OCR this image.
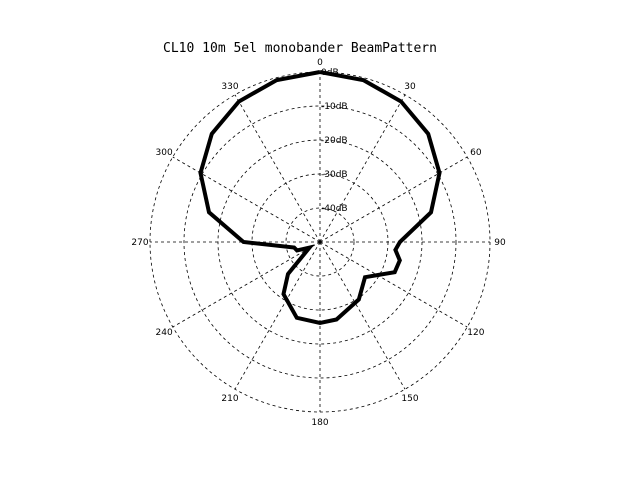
CL10 10m 5el monobander BeamPattern
0dB
-10dB
-20dB
-30dB
-40dB
0
30
60
90
120
150
180
210
240
270
300
330
